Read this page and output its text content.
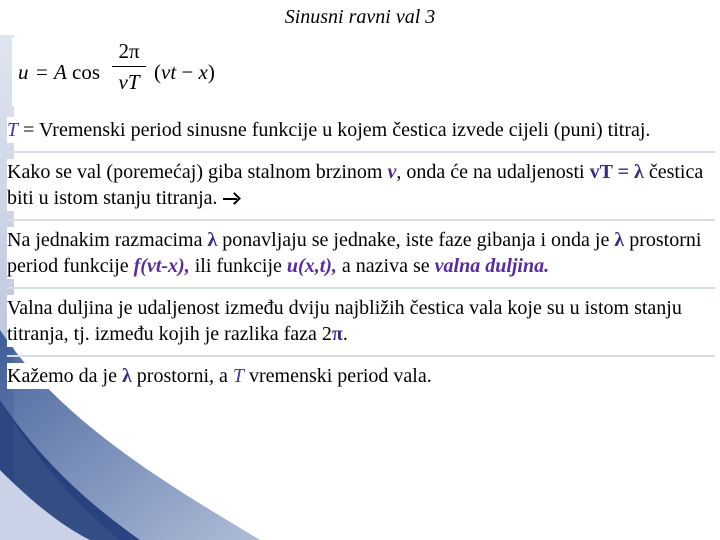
Sinusni ravni val 3
u = A cos
2π
vT (vt − x)

T = Vremenski period sinusne funkcije u kojem čestica izvede cijeli (puni) titraj.

Kako se val (poremećaj) giba stalnom brzinom v, onda će na udaljenosti vT = λ čestica biti u istom stanju titranja.

Na jednakim razmacima λ ponavljaju se jednake, iste faze gibanja i onda je λ prostorni period funkcije f(vt-x), ili funkcije u(x,t), a naziva se valna duljina.

Valna duljina je udaljenost između dviju najbližih čestica vala koje su u istom stanju titranja, tj. između kojih je razlika faza 2π.

Kažemo da je λ prostorni, a T vremenski period vala.
